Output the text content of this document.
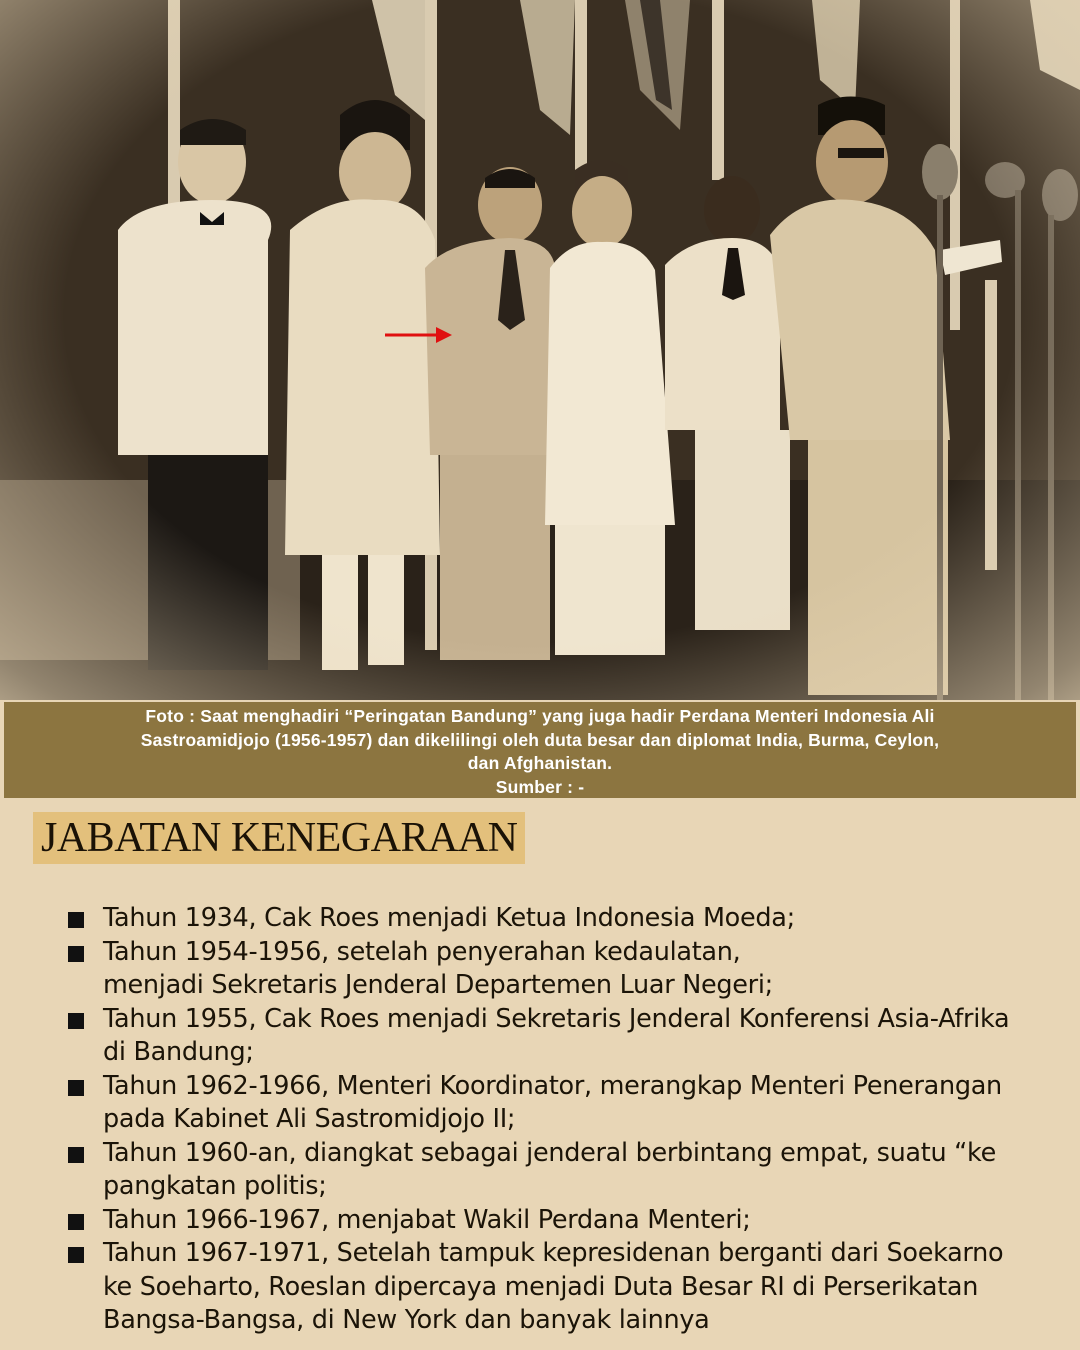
Foto : Saat menghadiri “Peringatan Bandung” yang juga hadir Perdana Menteri Indonesia Ali

Sastroamidjojo (1956-1957) dan dikelilingi oleh duta besar dan diplomat India, Burma, Ceylon,

dan Afghanistan.

Sumber : -

JABATAN KENEGARAAN
Tahun 1934, Cak Roes menjadi Ketua Indonesia Moeda;
Tahun 1954-1956, setelah penyerahan kedaulatan,
menjadi Sekretaris Jenderal Departemen Luar Negeri;
Tahun 1955, Cak Roes menjadi Sekretaris Jenderal Konferensi Asia-Afrika
di Bandung;
Tahun 1962-1966, Menteri Koordinator, merangkap Menteri Penerangan
pada Kabinet Ali Sastromidjojo II;
Tahun 1960-an, diangkat sebagai jenderal berbintang empat, suatu “ke
pangkatan politis;
Tahun 1966-1967, menjabat Wakil Perdana Menteri;
Tahun 1967-1971, Setelah tampuk kepresidenan berganti dari Soekarno
ke Soeharto, Roeslan dipercaya menjadi Duta Besar RI di Perserikatan
Bangsa-Bangsa, di New York dan banyak lainnya
